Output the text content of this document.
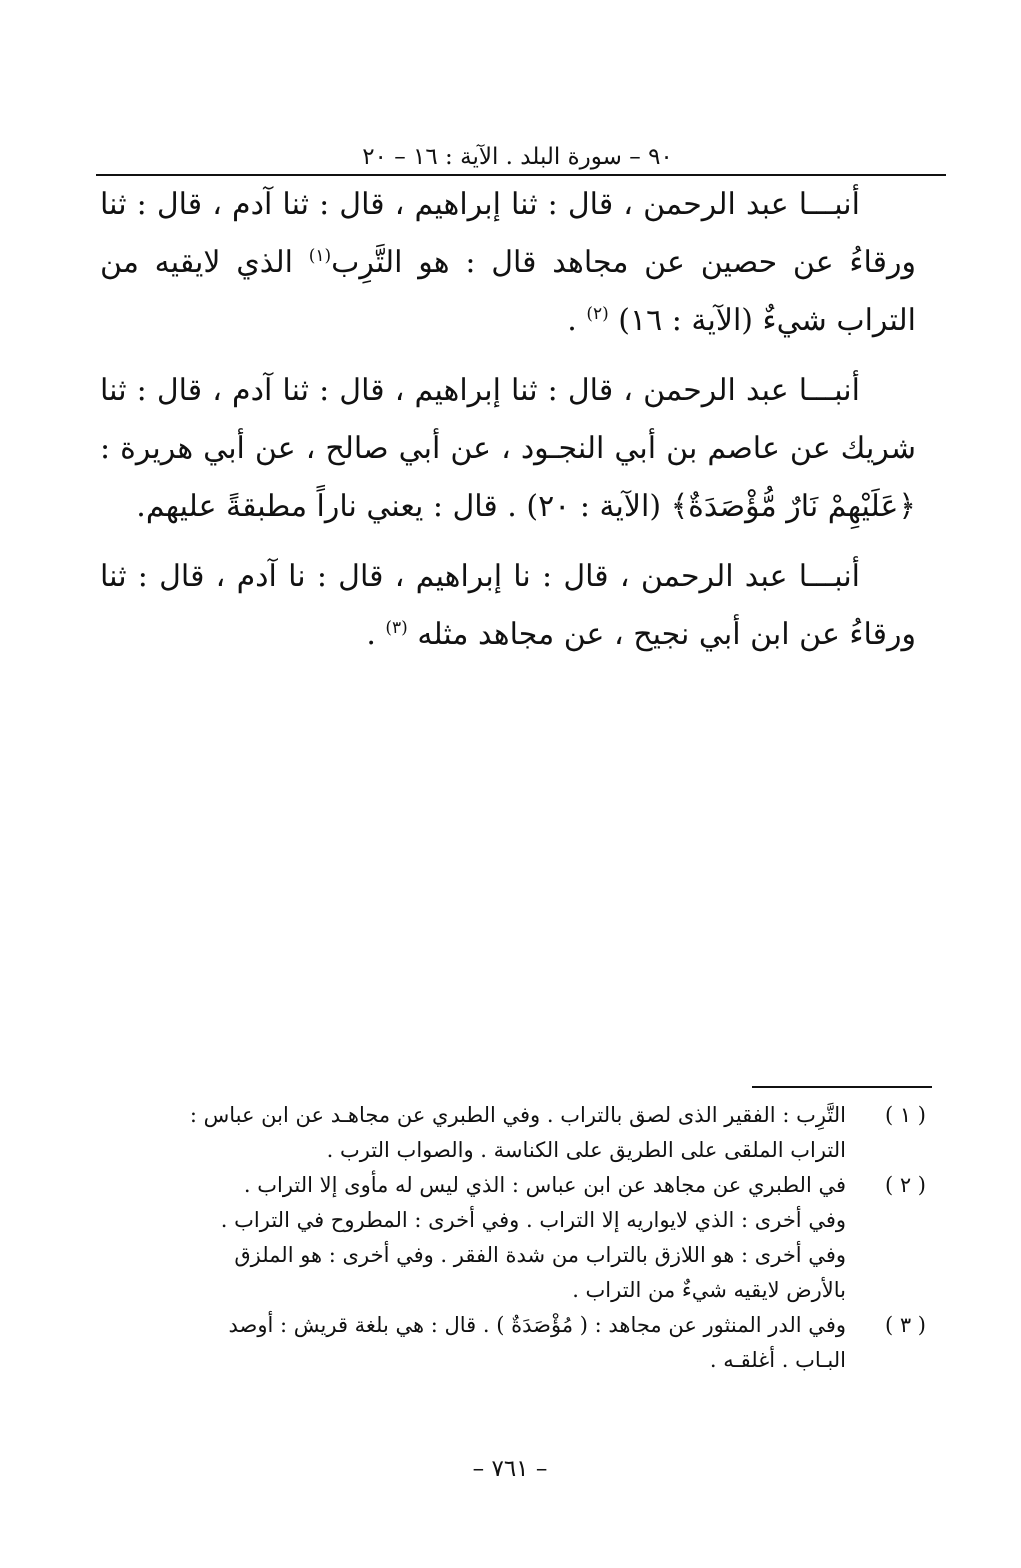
٩٠ – سورة البلد . الآية : ١٦ – ٢٠

أنبـــا عبد الرحمن ، قال : ثنا إبراهيم ، قال : ثنا آدم ، قال : ثنا ورقاءُ عن حصين عن مجاهد قال : هو التَّرِب$^{(١)}$ الذي لايقيه من التراب شيءٌ (الآية : ١٦) $^{(٢)}$ .

أنبـــا عبد الرحمن ، قال : ثنا إبراهيم ، قال : ثنا آدم ، قال : ثنا شريك عن عاصم بن أبي النجـود ، عن أبي صالح ، عن أبي هريرة : ﴿عَلَيْهِمْ نَارٌ مُّؤْصَدَةٌ﴾ (الآية : ٢٠) . قال : يعني ناراً مطبقةً عليهم.

أنبـــا عبد الرحمن ، قال : نا إبراهيم ، قال : نا آدم ، قال : ثنا ورقاءُ عن ابن أبي نجيح ، عن مجاهد مثله $^{(٣)}$ .

( ١ )
التَّرِب : الفقير الذى لصق بالتراب . وفي الطبري عن مجاهـد عن ابن عباس :
التراب الملقى على الطريق على الكناسة . والصواب الترب .
( ٢ )
في الطبري عن مجاهد عن ابن عباس : الذي ليس له مأوى إلا التراب .
وفي أخرى : الذي لايواريه إلا التراب . وفي أخرى : المطروح في التراب .
وفي أخرى : هو اللازق بالتراب من شدة الفقر . وفي أخرى : هو الملزق
بالأرض لايقيه شيءٌ من التراب .
( ٣ )
وفي الدر المنثور عن مجاهد : ( مُؤْصَدَةٌ ) . قال : هي بلغة قريش : أوصد
البـاب . أغلقـه .
– ٧٦١ –
